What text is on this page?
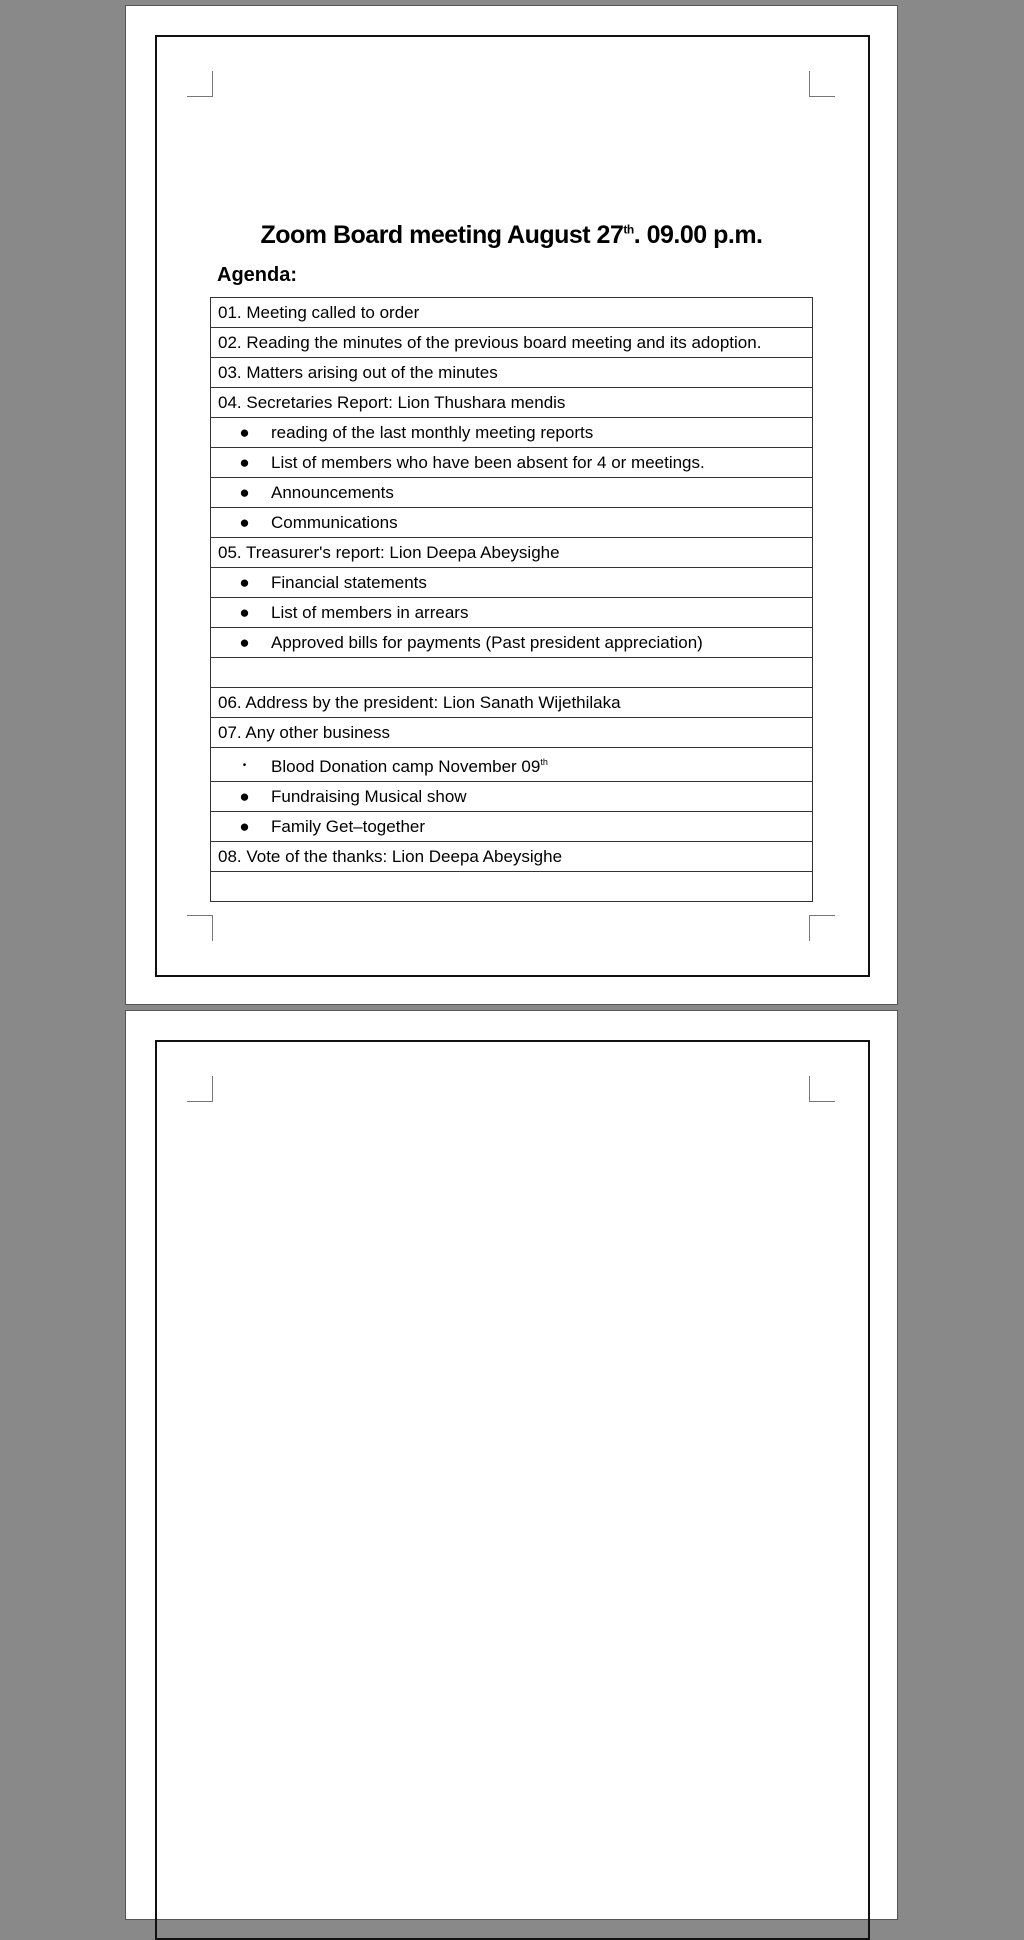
Zoom Board meeting August 27th. 09.00 p.m.
Agenda:
01. Meeting called to order
02. Reading the minutes of the previous board meeting and its adoption.
03. Matters arising out of the minutes
04. Secretaries Report: Lion Thushara mendis
● reading of the last monthly meeting reports
● List of members who have been absent for 4 or meetings.
● Announcements
● Communications
05. Treasurer's report: Lion Deepa Abeysighe
● Financial statements
● List of members in arrears
● Approved bills for payments (Past president appreciation)

06. Address by the president: Lion Sanath Wijethilaka
07. Any other business
• Blood Donation camp November 09th
● Fundraising Musical show
● Family Get–together
08. Vote of the thanks: Lion Deepa Abeysighe
